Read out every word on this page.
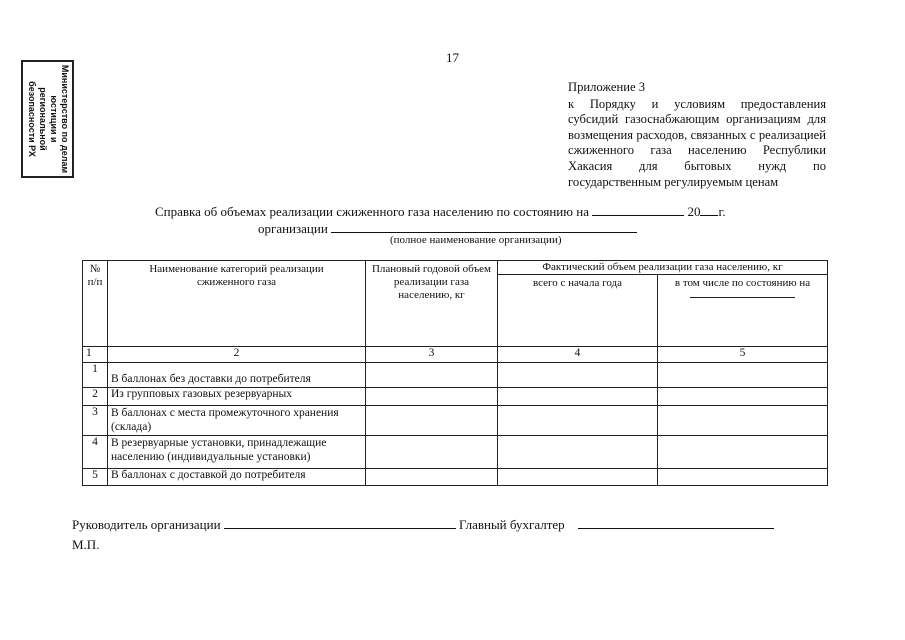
17
Министерство по делам
юстиции и региональной
безопасности РХ	Приложение 3
к Порядку и условиям предоставления субсидий газоснабжающим организациям для возмещения расходов, связанных с реализацией сжиженного газа населению Республики Хакасия для бытовых нужд по государственным регулируемым ценам
Справка об объемах реализации сжиженного газа населению по состоянию на	20 г.
организации
(полное наименование организации)
№ п/п	Наименование категорий реализации сжиженного газа	Плановый годовой объем реализации газа населению, кг	Фактический объем реализации газа населению, кг	
			всего с начала года	в том числе по состоянию на

1	2	3	4	5
1	В баллонах без доставки до потребителя			
2	Из групповых газовых резервуарных			
3	В баллонах с места промежуточного хранения (склада)			
4	В резервуарные установки, принадлежащие населению (индивидуальные установки)			
5	В баллонах с доставкой до потребителя			
Руководитель организации	Главный бухгалтер
М.П.
